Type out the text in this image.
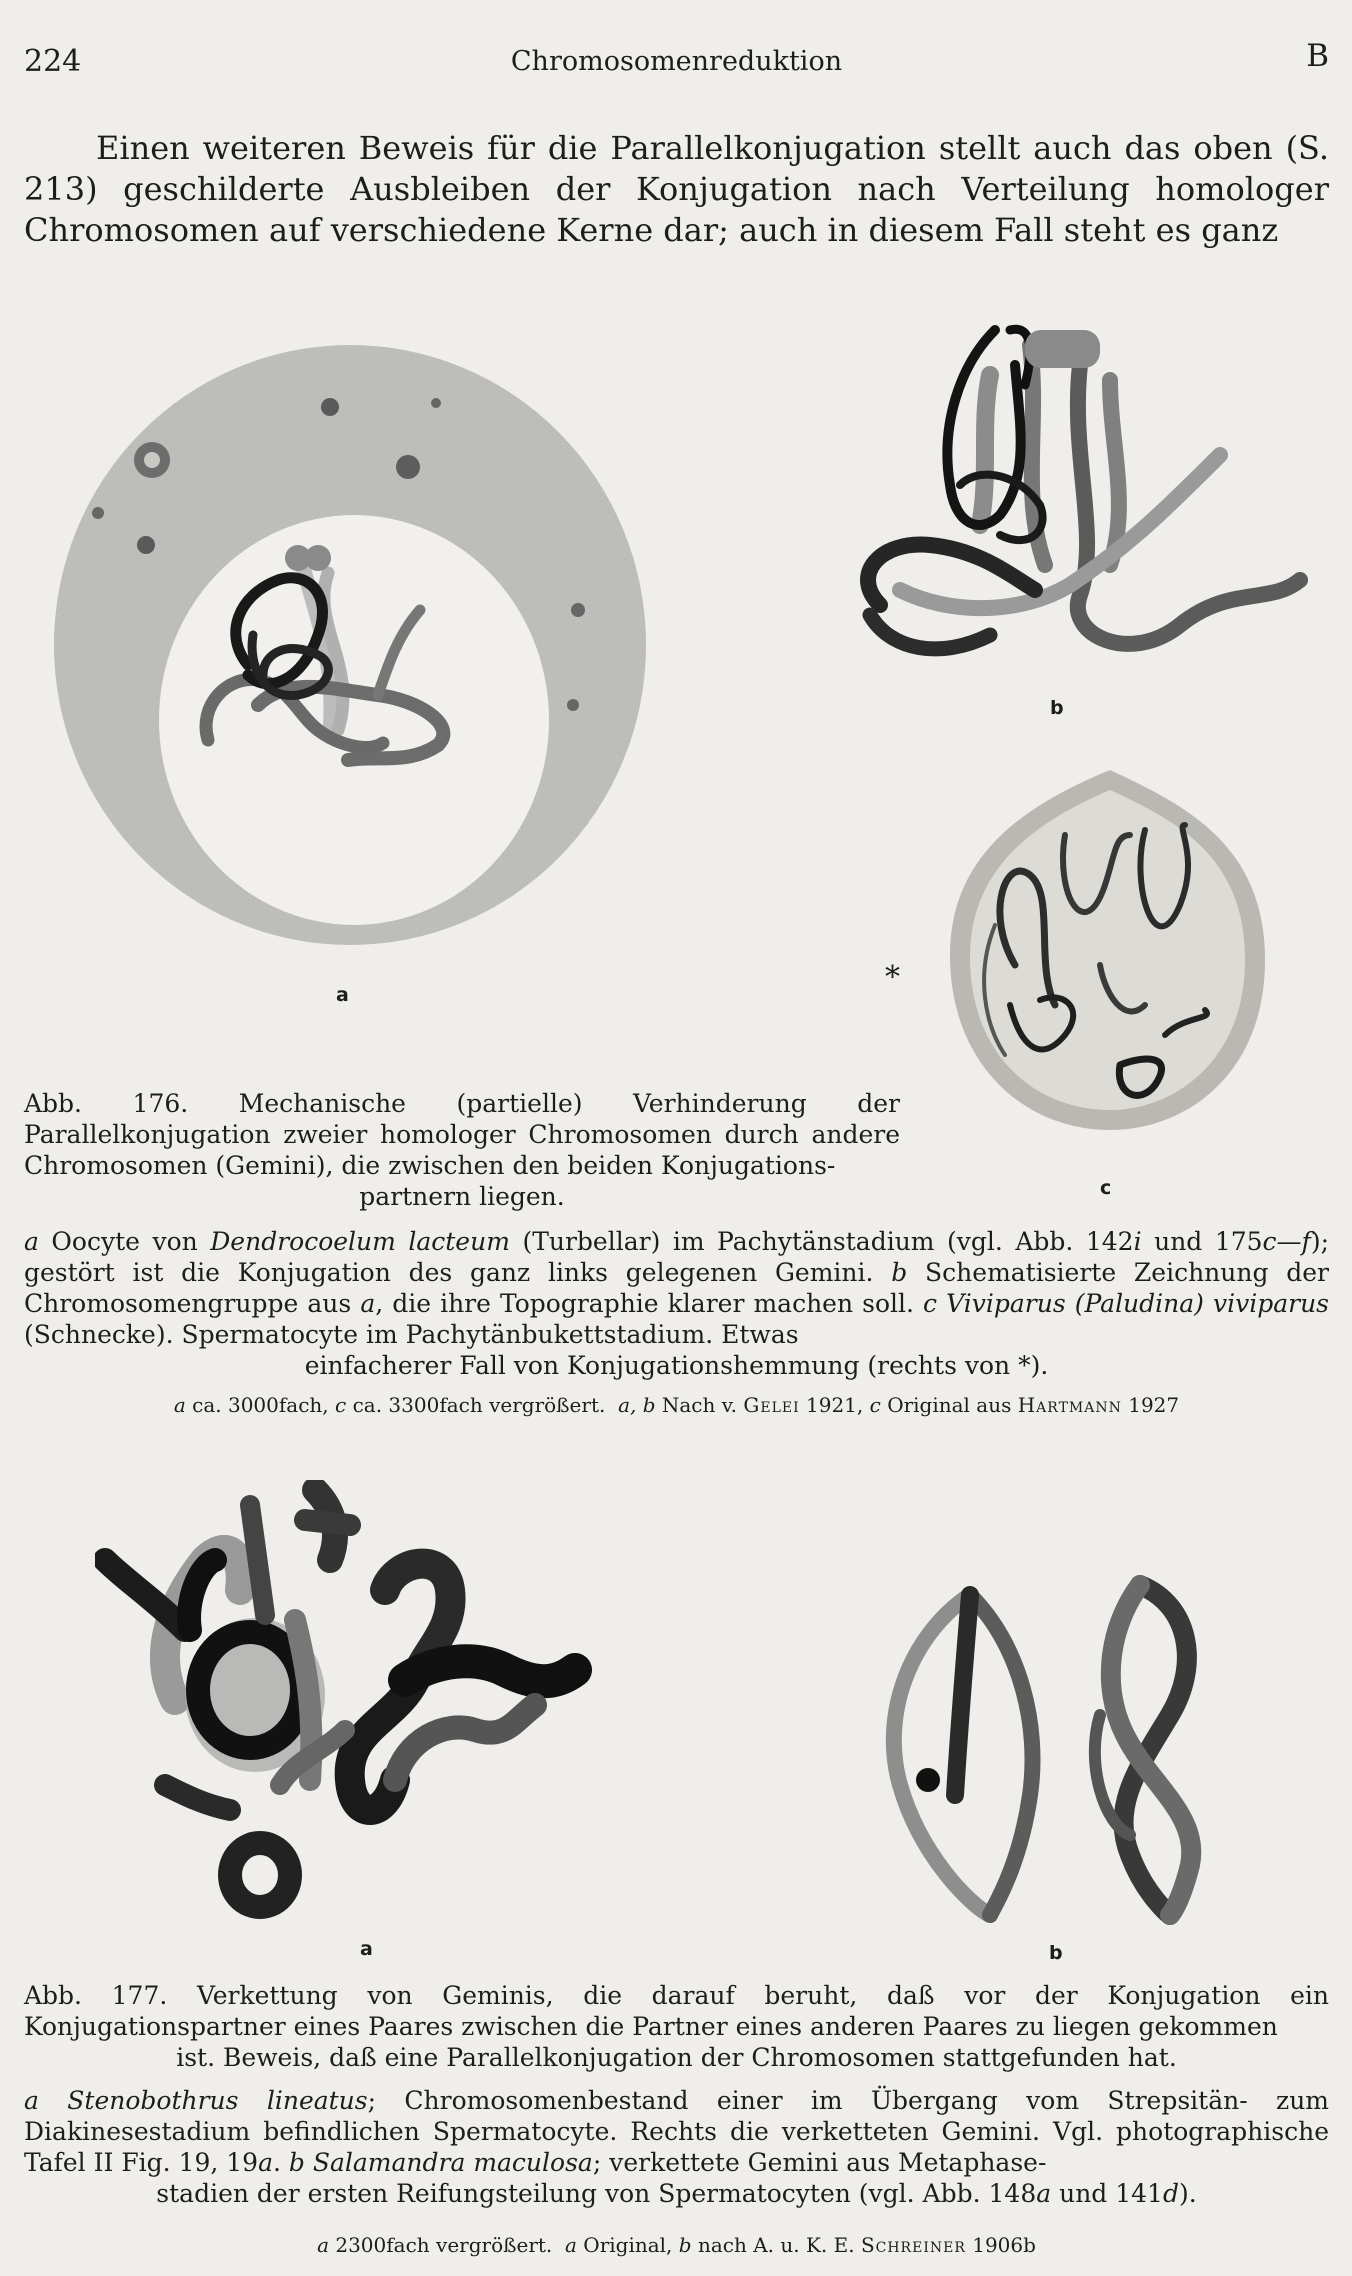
224	Chromosomenreduktion	B
Einen weiteren Beweis für die Parallelkonjugation stellt auch das oben (S. 213) geschilderte Ausbleiben der Konjugation nach Verteilung homologer Chromosomen auf verschiedene Kerne dar; auch in diesem Fall steht es ganz
a
b
*
c
Abb. 176. Mechanische (partielle) Verhinderung der Parallelkonjugation zweier homologer Chromosomen durch andere Chromosomen (Gemini), die zwischen den beiden Konjugations-
partnern liegen.
a Oocyte von Dendrocoelum lacteum (Turbellar) im Pachytänstadium (vgl. Abb. 142i und 175c—f); gestört ist die Konjugation des ganz links gelegenen Gemini. b Schematisierte Zeichnung der Chromosomengruppe aus a, die ihre Topographie klarer machen soll. c Viviparus (Paludina) viviparus (Schnecke). Spermatocyte im Pachytänbukettstadium. Etwas
einfacherer Fall von Konjugationshemmung (rechts von *).
a ca. 3000fach, c ca. 3300fach vergrößert. a, b Nach v. Gelei 1921, c Original aus Hartmann 1927
a	b
Abb. 177. Verkettung von Geminis, die darauf beruht, daß vor der Konjugation ein Konjugationspartner eines Paares zwischen die Partner eines anderen Paares zu liegen gekommen
ist. Beweis, daß eine Parallelkonjugation der Chromosomen stattgefunden hat.
a Stenobothrus lineatus; Chromosomenbestand einer im Übergang vom Strepsitän- zum Diakinesestadium befindlichen Spermatocyte. Rechts die verketteten Gemini. Vgl. photographische Tafel II Fig. 19, 19a. b Salamandra maculosa; verkettete Gemini aus Metaphase-
stadien der ersten Reifungsteilung von Spermatocyten (vgl. Abb. 148a und 141d).
a 2300fach vergrößert. a Original, b nach A. u. K. E. Schreiner 1906b
